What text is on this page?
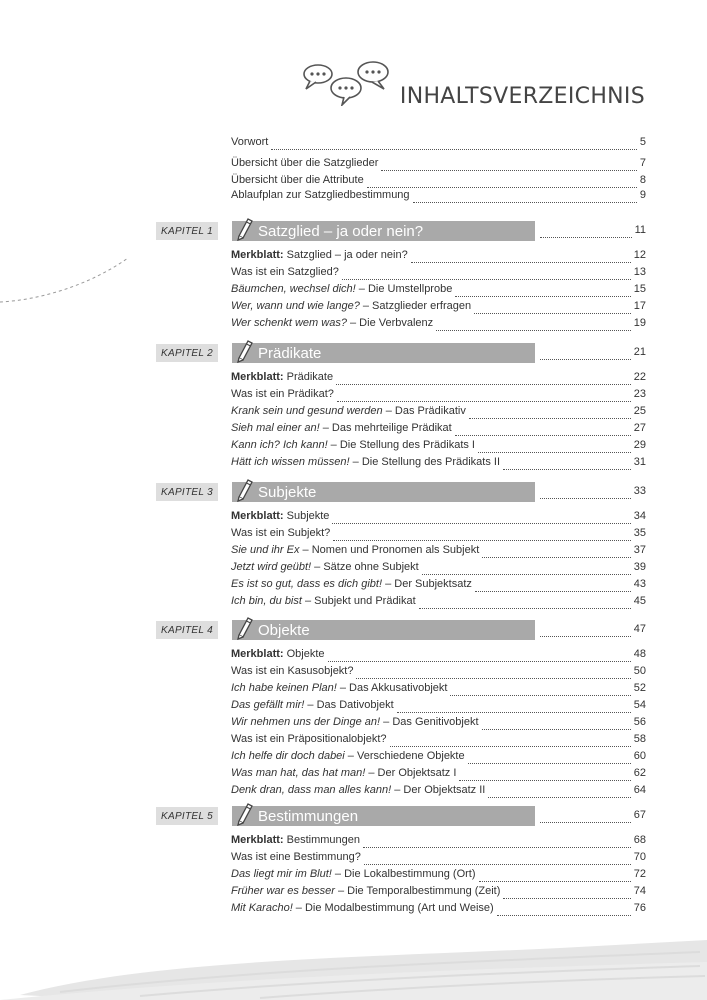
INHALTSVERZEICHNIS
Vorwort	5
Übersicht über die Satzglieder	7
Übersicht über die Attribute	8
Ablaufplan zur Satzgliedbestimmung	9
KAPITEL 1	Satzglied – ja oder nein?	11
Merkblatt: Satzglied – ja oder nein?	12
Was ist ein Satzglied?	13
Bäumchen, wechsel dich! – Die Umstellprobe	15
Wer, wann und wie lange? – Satzglieder erfragen	17
Wer schenkt wem was? – Die Verbvalenz	19
KAPITEL 2	Prädikate	21
Merkblatt: Prädikate	22
Was ist ein Prädikat?	23
Krank sein und gesund werden – Das Prädikativ	25
Sieh mal einer an! – Das mehrteilige Prädikat	27
Kann ich? Ich kann! – Die Stellung des Prädikats I	29
Hätt ich wissen müssen! – Die Stellung des Prädikats II	31
KAPITEL 3	Subjekte	33
Merkblatt: Subjekte	34
Was ist ein Subjekt?	35
Sie und ihr Ex – Nomen und Pronomen als Subjekt	37
Jetzt wird geübt! – Sätze ohne Subjekt	39
Es ist so gut, dass es dich gibt! – Der Subjektsatz	43
Ich bin, du bist – Subjekt und Prädikat	45
KAPITEL 4	Objekte	47
Merkblatt: Objekte	48
Was ist ein Kasusobjekt?	50
Ich habe keinen Plan! – Das Akkusativobjekt	52
Das gefällt mir! – Das Dativobjekt	54
Wir nehmen uns der Dinge an! – Das Genitivobjekt	56
Was ist ein Präpositionalobjekt?	58
Ich helfe dir doch dabei – Verschiedene Objekte	60
Was man hat, das hat man! – Der Objektsatz I	62
Denk dran, dass man alles kann! – Der Objektsatz II	64
KAPITEL 5	Bestimmungen	67
Merkblatt: Bestimmungen	68
Was ist eine Bestimmung?	70
Das liegt mir im Blut! – Die Lokalbestimmung (Ort)	72
Früher war es besser – Die Temporalbestimmung (Zeit)	74
Mit Karacho! – Die Modalbestimmung (Art und Weise)	76
